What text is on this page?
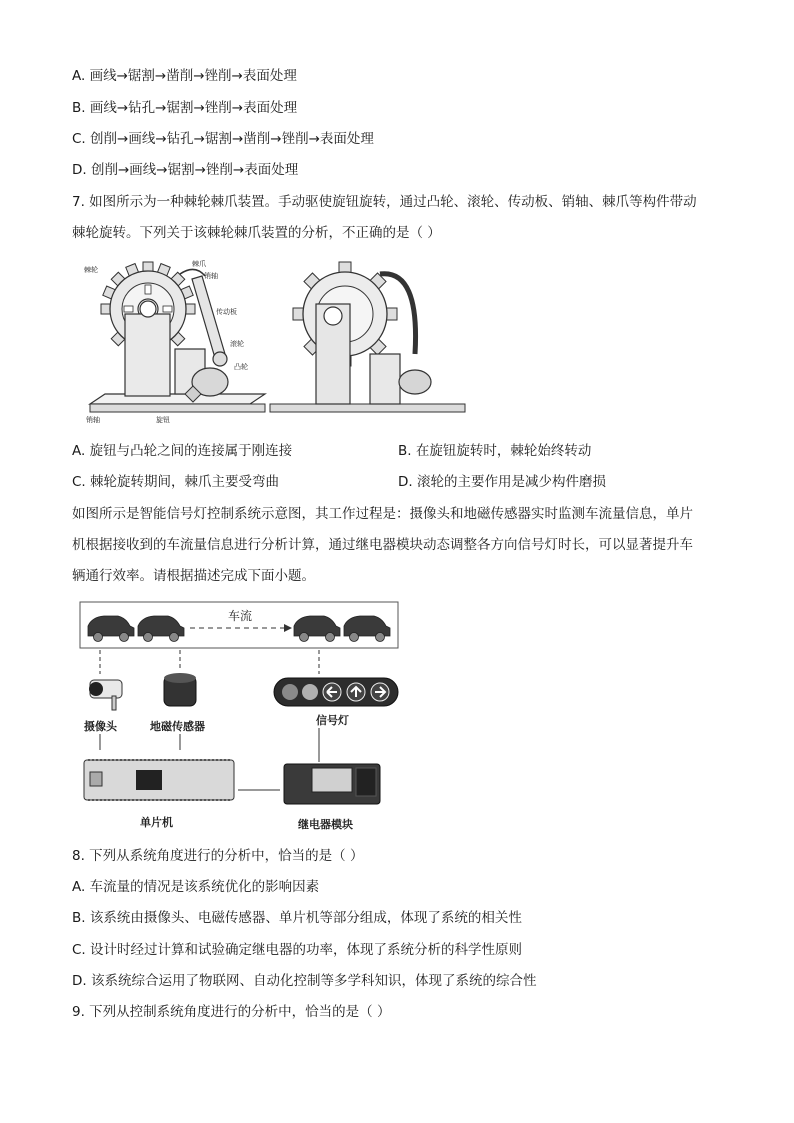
A. 画线→锯割→凿削→锉削→表面处理
B. 画线→钻孔→锯割→锉削→表面处理
C. 创削→画线→钻孔→锯割→凿削→锉削→表面处理
D. 创削→画线→锯割→锉削→表面处理
7. 如图所示为一种棘轮棘爪装置。手动驱使旋钮旋转，通过凸轮、滚轮、传动板、销轴、棘爪等构件带动
棘轮旋转。下列关于该棘轮棘爪装置的分析，不正确的是（ ）
棘轮
棘爪
销轴
传动板
滚轮
凸轮
销轴	旋钮
A. 旋钮与凸轮之间的连接属于刚连接	B. 在旋钮旋转时，棘轮始终转动
C. 棘轮旋转期间，棘爪主要受弯曲	D. 滚轮的主要作用是减少构件磨损
如图所示是智能信号灯控制系统示意图，其工作过程是：摄像头和地磁传感器实时监测车流量信息，单片
机根据接收到的车流量信息进行分析计算，通过继电器模块动态调整各方向信号灯时长，可以显著提升车
辆通行效率。请根据描述完成下面小题。
车流
摄像头	地磁传感器	信号灯
单片机	继电器模块
8. 下列从系统角度进行的分析中，恰当的是（ ）
A. 车流量的情况是该系统优化的影响因素
B. 该系统由摄像头、电磁传感器、单片机等部分组成，体现了系统的相关性
C. 设计时经过计算和试验确定继电器的功率，体现了系统分析的科学性原则
D. 该系统综合运用了物联网、自动化控制等多学科知识，体现了系统的综合性
9. 下列从控制系统角度进行的分析中，恰当的是（ ）
